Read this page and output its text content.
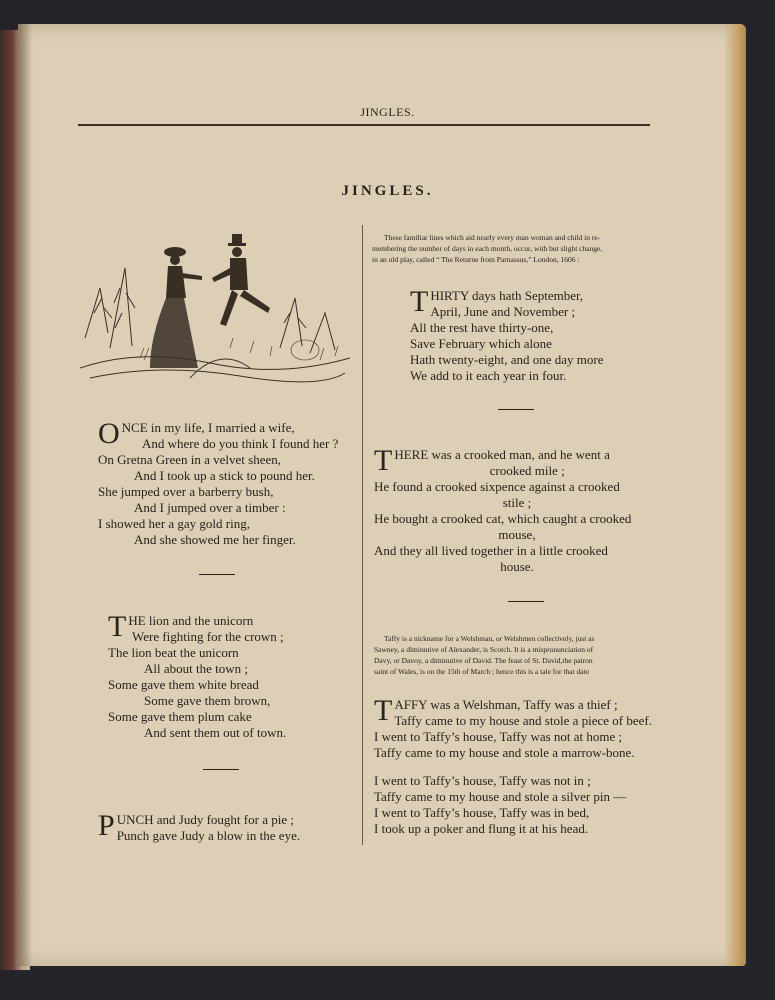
JINGLES.
JINGLES.
O NCE in my life, I married a wife,
And where do you think I found her ?
On Gretna Green in a velvet sheen,
And I took up a stick to pound her.
She jumped over a barberry bush,
And I jumped over a timber :
I showed her a gay gold ring,
And she showed me her finger.
T HE lion and the unicorn
Were fighting for the crown ;
The lion beat the unicorn
All about the town ;
Some gave them white bread
Some gave them brown,
Some gave them plum cake
And sent them out of town.
P UNCH and Judy fought for a pie ;
Punch gave Judy a blow in the eye.
These familiar lines which aid nearly every man woman and child in re-
membering the number of days in each month, occur, with but slight change,
in an old play, called “ The Returne from Parnassus,” London, 1606 :
T HIRTY days hath September,
April, June and November ;
All the rest have thirty-one,
Save February which alone
Hath twenty-eight, and one day more
We add to it each year in four.
T HERE was a crooked man, and he went a
crooked mile ;
He found a crooked sixpence against a crooked
stile ;
He bought a crooked cat, which caught a crooked
mouse,
And they all lived together in a little crooked
house.
Taffy is a nickname for a Welshman, or Welshmen collectively, just as
Sawney, a diminutive of Alexander, is Scotch. It is a mispronunciation of
Davy, or Davoy, a diminutive of David. The feast of St. David,the patron
saint of Wales, is on the 15th of March ; hence this is a tale for that date
T AFFY was a Welshman, Taffy was a thief ;
Taffy came to my house and stole a piece of beef.
I went to Taffy’s house, Taffy was not at home ;
Taffy came to my house and stole a marrow-bone.
I went to Taffy’s house, Taffy was not in ;
Taffy came to my house and stole a silver pin —
I went to Taffy’s house, Taffy was in bed,
I took up a poker and flung it at his head.
